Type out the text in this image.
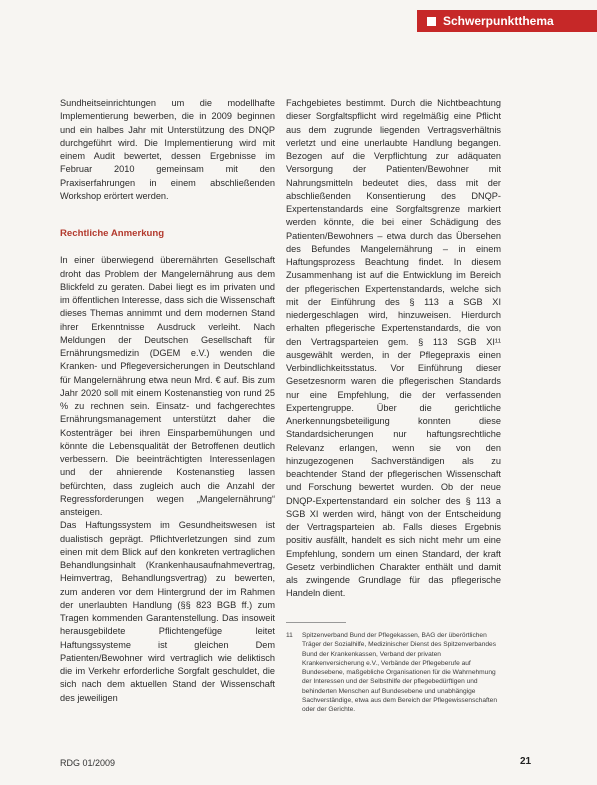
Schwerpunktthema

Sundheitseinrichtungen um die modellhafte Implementierung bewerben, die in 2009 beginnen und ein halbes Jahr mit Unterstützung des DNQP durchgeführt wird. Die Implementierung wird mit einem Audit bewertet, dessen Ergebnisse im Februar 2010 gemeinsam mit den Praxiserfahrungen in einem abschließenden Workshop erörtert werden.

Rechtliche Anmerkung

In einer überwiegend überernährten Gesellschaft droht das Problem der Mangelernährung aus dem Blickfeld zu geraten. Dabei liegt es im privaten und im öffentlichen Interesse, dass sich die Wissenschaft dieses Themas annimmt und dem modernen Stand ihrer Erkenntnisse Ausdruck verleiht. Nach Meldungen der Deutschen Gesellschaft für Ernährungsmedizin (DGEM e.V.) wenden die Kranken- und Pflegeversicherungen in Deutschland für Mangelernährung etwa neun Mrd. € auf. Bis zum Jahr 2020 soll mit einem Kostenanstieg von rund 25 % zu rechnen sein. Einsatz- und fachgerechtes Ernährungsmanagement unterstützt daher die Kostenträger bei ihren Einsparbemühungen und könnte die Lebensqualität der Betroffenen deutlich verbessern. Die beeinträchtigten Interessenlagen und der ahnierende Kostenanstieg lassen befürchten, dass zugleich auch die Anzahl der Regressforderungen wegen „Mangelernährung“ ansteigen.

Das Haftungssystem im Gesundheitswesen ist dualistisch geprägt. Pflichtverletzungen sind zum einen mit dem Blick auf den konkreten vertraglichen Behandlungsinhalt (Krankenhausaufnahmevertrag, Heimvertrag, Behandlungsvertrag) zu bewerten, zum anderen vor dem Hintergrund der im Rahmen der unerlaubten Handlung (§§ 823 BGB ff.) zum Tragen kommenden Garantenstellung. Das insoweit herausgebildete Pflichtengefüge leitet Haftungssysteme ist gleichen Dem Patienten/Bewohner wird vertraglich wie deliktisch die im Verkehr erforderliche Sorgfalt geschuldet, die sich nach dem aktuellen Stand der Wissenschaft des jeweiligen

Fachgebietes bestimmt. Durch die Nichtbeachtung dieser Sorgfaltspflicht wird regelmäßig eine Pflicht aus dem zugrunde liegenden Vertragsverhältnis verletzt und eine unerlaubte Handlung begangen. Bezogen auf die Verpflichtung zur adäquaten Versorgung der Patienten/Bewohner mit Nahrungsmitteln bedeutet dies, dass mit der abschließenden Konsentierung des DNQP-Expertenstandards eine Sorgfaltsgrenze markiert werden könnte, die bei einer Schädigung des Patienten/Bewohners – etwa durch das Übersehen des Befundes Mangelernährung – in einem Haftungsprozess Beachtung findet. In diesem Zusammenhang ist auf die Entwicklung im Bereich der pflegerischen Expertenstandards, welche sich mit der Einführung des § 113 a SGB XI niedergeschlagen wird, hinzuweisen. Hierdurch erhalten pflegerische Expertenstandards, die von den Vertragsparteien gem. § 113 SGB XI¹¹ ausgewählt werden, in der Pflegepraxis einen Verbindlichkeitsstatus. Vor Einführung dieser Gesetzesnorm waren die pflegerischen Standards nur eine Empfehlung, die der verfassenden Expertengruppe. Über die gerichtliche Anerkennungsbeteiligung konnten diese Standardsicherungen nur haftungsrechtliche Relevanz erlangen, wenn sie von den hinzugezogenen Sachverständigen als zu beachtender Stand der pflegerischen Wissenschaft und Forschung bewertet wurden. Ob der neue DNQP-Expertenstandard ein solcher des § 113 a SGB XI werden wird, hängt von der Entscheidung der Vertragsparteien ab. Falls dieses Ergebnis positiv ausfällt, handelt es sich nicht mehr um eine Empfehlung, sondern um einen Standard, der kraft Gesetz verbindlichen Charakter enthält und damit als zwingende Grundlage für das pflegerische Handeln dient.

11	Spitzenverband Bund der Pflegekassen, BAG der überörtlichen Träger der Sozialhilfe, Medizinischer Dienst des Spitzenverbandes Bund der Krankenkassen, Verband der privaten Krankenversicherung e.V., Verbände der Pflegeberufe auf Bundesebene, maßgebliche Organisationen für die Wahrnehmung der Interessen und der Selbsthilfe der pflegebedürftigen und behinderten Menschen auf Bundesebene und unabhängige Sachverständige, etwa aus dem Bereich der Pflegewissenschaften oder der Gerichte.
RDG 01/2009	21
